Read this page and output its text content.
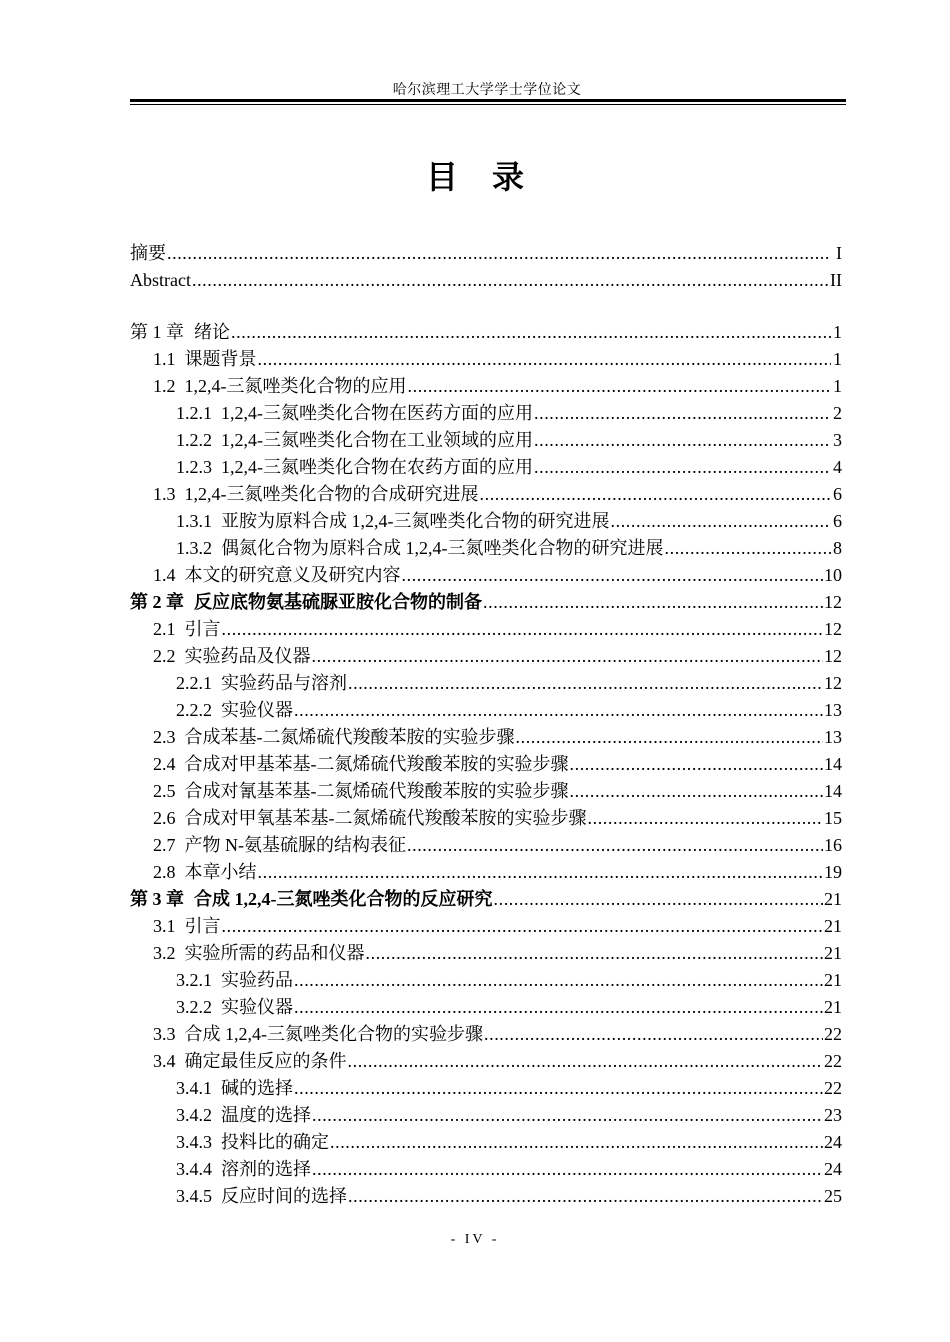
哈尔滨理工大学学士学位论文
目录
摘要 .....	I
Abstract .....	II
第 1 章 绪论 .....	1
1.1 课题背景 .....	1
1.2 1,2,4-三氮唑类化合物的应用 .....	1
1.2.1 1,2,4-三氮唑类化合物在医药方面的应用 .....	2
1.2.2 1,2,4-三氮唑类化合物在工业领域的应用 .....	3
1.2.3 1,2,4-三氮唑类化合物在农药方面的应用 .....	4
1.3 1,2,4-三氮唑类化合物的合成研究进展 .....	6
1.3.1 亚胺为原料合成 1,2,4-三氮唑类化合物的研究进展 .....	6
1.3.2 偶氮化合物为原料合成 1,2,4-三氮唑类化合物的研究进展 .....	8
1.4 本文的研究意义及研究内容 .....	10
第 2 章 反应底物氨基硫脲亚胺化合物的制备 .....	12
2.1 引言 .....	12
2.2 实验药品及仪器 .....	12
2.2.1 实验药品与溶剂 .....	12
2.2.2 实验仪器 .....	13
2.3 合成苯基-二氮烯硫代羧酸苯胺的实验步骤 .....	13
2.4 合成对甲基苯基-二氮烯硫代羧酸苯胺的实验步骤 .....	14
2.5 合成对氰基苯基-二氮烯硫代羧酸苯胺的实验步骤 .....	14
2.6 合成对甲氧基苯基-二氮烯硫代羧酸苯胺的实验步骤 .....	15
2.7 产物 N-氨基硫脲的结构表征 .....	16
2.8 本章小结 .....	19
第 3 章 合成 1,2,4-三氮唑类化合物的反应研究 .....	21
3.1 引言 .....	21
3.2 实验所需的药品和仪器 .....	21
3.2.1 实验药品 .....	21
3.2.2 实验仪器 .....	21
3.3 合成 1,2,4-三氮唑类化合物的实验步骤 .....	22
3.4 确定最佳反应的条件 .....	22
3.4.1 碱的选择 .....	22
3.4.2 温度的选择 .....	23
3.4.3 投料比的确定 .....	24
3.4.4 溶剂的选择 .....	24
3.4.5 反应时间的选择 .....	25
- IV -
